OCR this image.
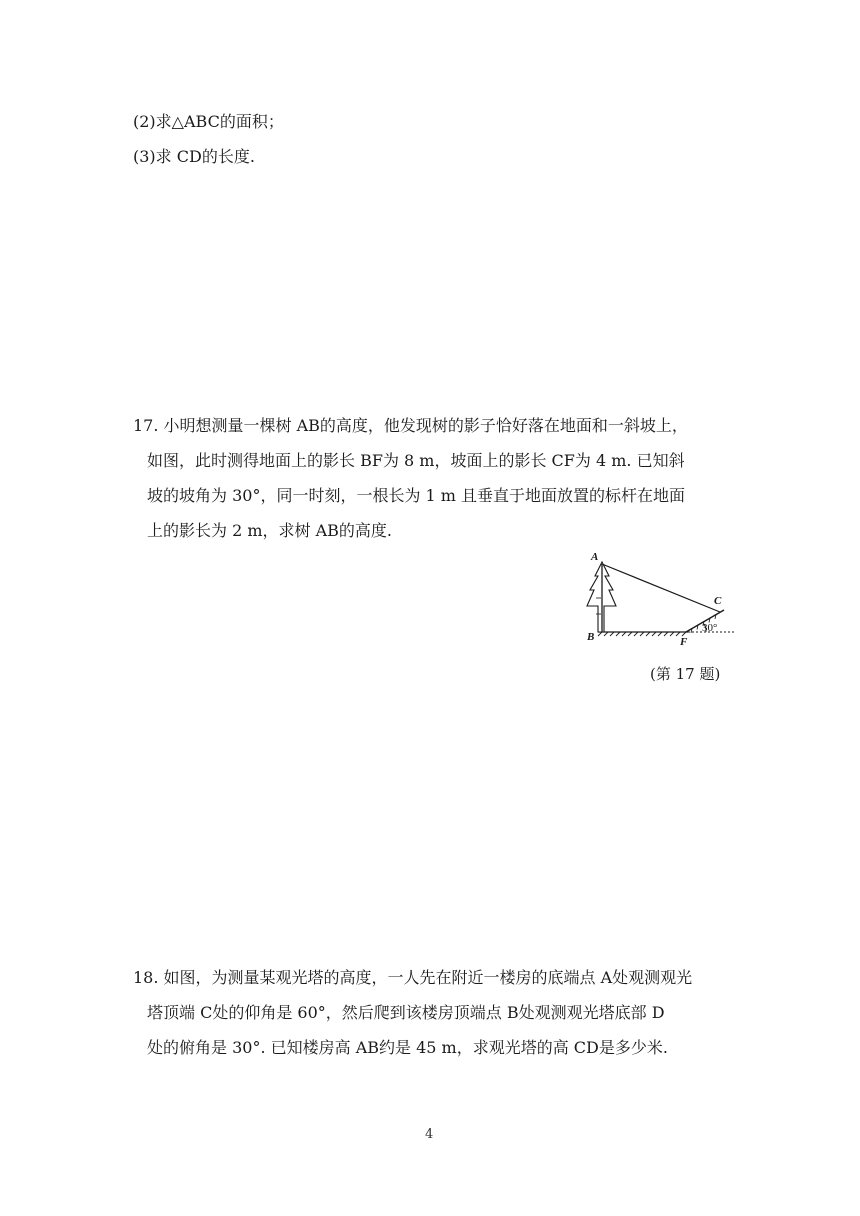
(2)求△ABC的面积；
(3)求 CD的长度.
17. 小明想测量一棵树 AB的高度，他发现树的影子恰好落在地面和一斜坡上，
如图，此时测得地面上的影长 BF为 8 m，坡面上的影长 CF为 4 m. 已知斜
坡的坡角为 30°，同一时刻，一根长为 1 m 且垂直于地面放置的标杆在地面
上的影长为 2 m，求树 AB的高度.
A
B
C
F
30°
(第 17 题)
18. 如图，为测量某观光塔的高度，一人先在附近一楼房的底端点 A处观测观光
塔顶端 C处的仰角是 60°，然后爬到该楼房顶端点 B处观测观光塔底部 D
处的俯角是 30°. 已知楼房高 AB约是 45 m，求观光塔的高 CD是多少米.
4
